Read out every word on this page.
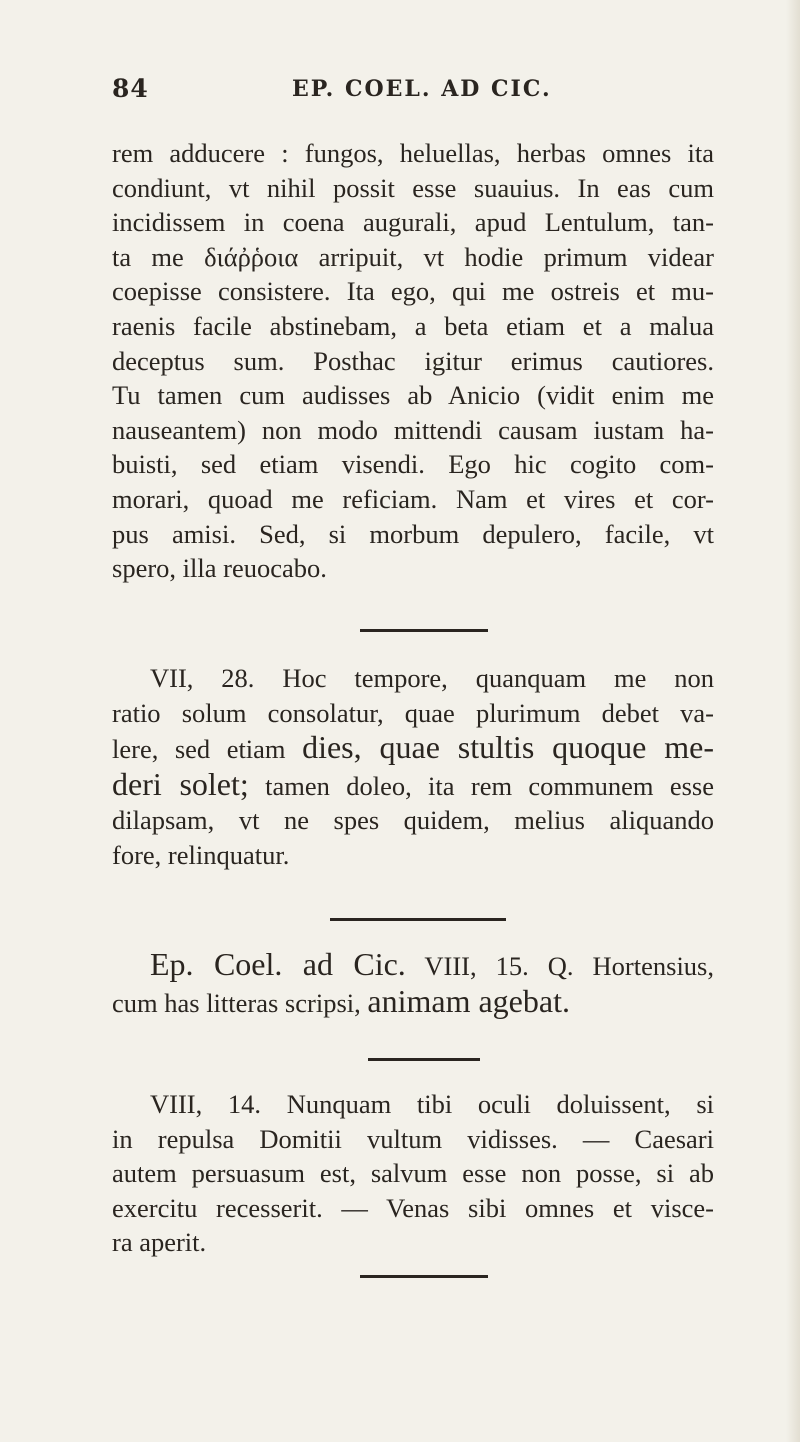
84	EP. COEL. AD CIC.
rem adducere : fungos, heluellas, herbas omnes ita
condiunt, vt nihil possit esse suauius. In eas cum
incidissem in coena augurali, apud Lentulum, tan-
ta me διάῤῥοια arripuit, vt hodie primum videar
coepisse consistere. Ita ego, qui me ostreis et mu-
raenis facile abstinebam, a beta etiam et a malua
deceptus sum. Posthac igitur erimus cautiores.
Tu tamen cum audisses ab Anicio (vidit enim me
nauseantem) non modo mittendi causam iustam ha-
buisti, sed etiam visendi. Ego hic cogito com-
morari, quoad me reficiam. Nam et vires et cor-
pus amisi. Sed, si morbum depulero, facile, vt
spero, illa reuocabo.
VII, 28. Hoc tempore, quanquam me non
ratio solum consolatur, quae plurimum debet va-
lere, sed etiam dies, quae stultis quoque me-
deri solet; tamen doleo, ita rem communem esse
dilapsam, vt ne spes quidem, melius aliquando
fore, relinquatur.
Ep. Coel. ad Cic. VIII, 15. Q. Hortensius,
cum has litteras scripsi, animam agebat.
VIII, 14. Nunquam tibi oculi doluissent, si
in repulsa Domitii vultum vidisses. — Caesari
autem persuasum est, salvum esse non posse, si ab
exercitu recesserit. — Venas sibi omnes et visce-
ra aperit.
